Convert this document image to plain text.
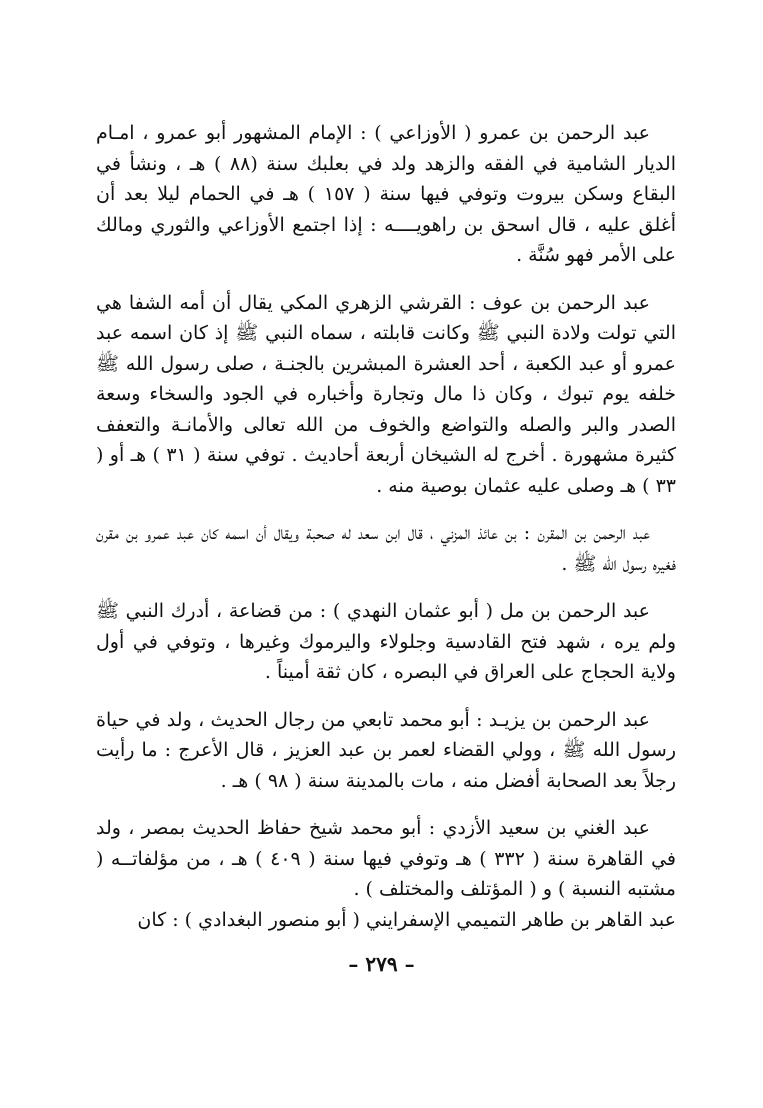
عبد الرحمن بن عمرو ( الأوزاعي ) : الإمام المشهور أبو عمرو ، امـام الديار الشامية في الفقه والزهد ولد في بعلبك سنة (٨٨ ) هـ ، ونشأ في البقاع وسكن بيروت وتوفي فيها سنة ( ١٥٧ ) هـ في الحمام ليلا بعد أن أغلق عليه ، قال اسحق بن راهويــــه : إذا اجتمع الأوزاعي والثوري ومالك على الأمر فهو سُنَّة .

عبد الرحمن بن عوف : القرشي الزهري المكي يقال أن أمه الشفا هي التي تولت ولادة النبي ﷺ وكانت قابلته ، سماه النبي ﷺ إذ كان اسمه عبد عمرو أو عبد الكعبة ، أحد العشرة المبشرين بالجنـة ، صلى رسول الله ﷺ خلفه يوم تبوك ، وكان ذا مال وتجارة وأخباره في الجود والسخاء وسعة الصدر والبر والصله والتواضع والخوف من الله تعالى والأمانـة والتعفف كثيرة مشهورة . أخرج له الشيخان أربعة أحاديث . توفي سنة ( ٣١ ) هـ أو ( ٣٣ ) هـ وصلى عليه عثمان بوصية منه .

عبد الرحمن بن المقرن : بن عائذ المزني ، قال ابن سعد له صحبة ويقال أن اسمه كان عبد عمرو بن مقرن فغيره رسول الله ﷺ .

عبد الرحمن بن مل ( أبو عثمان النهدي ) : من قضاعة ، أدرك النبي ﷺ ولم يره ، شهد فتح القادسية وجلولاء واليرموك وغيرها ، وتوفي في أول ولاية الحجاج على العراق في البصره ، كان ثقة أميناً .

عبد الرحمن بن يزيـد : أبو محمد تابعي من رجال الحديث ، ولد في حياة رسول الله ﷺ ، وولي القضاء لعمر بن عبد العزيز ، قال الأعرج : ما رأيت رجلاً بعد الصحابة أفضل منه ، مات بالمدينة سنة ( ٩٨ ) هـ .

عبد الغني بن سعيد الأزدي : أبو محمد شيخ حفاظ الحديث بمصر ، ولد في القاهرة سنة ( ٣٣٢ ) هـ وتوفي فيها سنة ( ٤٠٩ ) هـ ، من مؤلفاتــه ( مشتبه النسبة ) و ( المؤتلف والمختلف ) .

عبد القاهر بن طاهر التميمي الإسفرايني ( أبو منصور البغدادي ) : كان

– ٢٧٩ –
